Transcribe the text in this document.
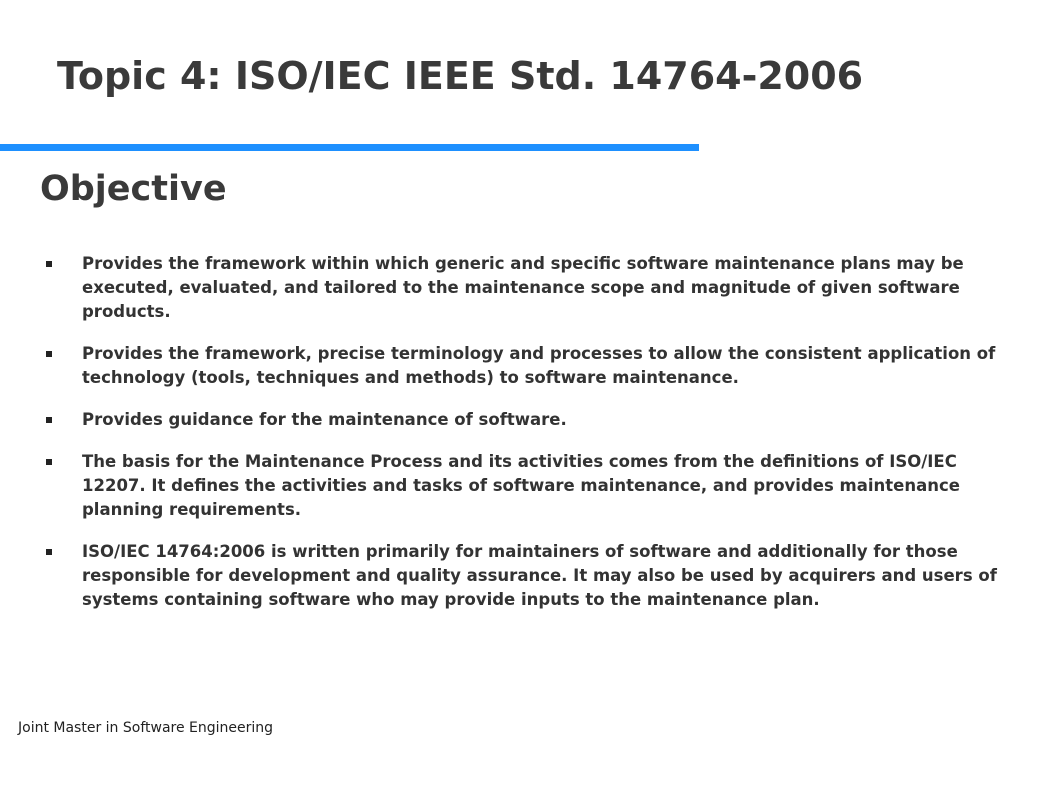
Topic 4: ISO/IEC IEEE Std. 14764-2006
Objective
Provides the framework within which generic and specific software maintenance plans may be executed, evaluated, and tailored to the maintenance scope and magnitude of given software products.
Provides the framework, precise terminology and processes to allow the consistent application of technology (tools, techniques and methods) to software maintenance.
Provides guidance for the maintenance of software.
The basis for the Maintenance Process and its activities comes from the definitions of ISO/IEC 12207. It defines the activities and tasks of software maintenance, and provides maintenance planning requirements.
ISO/IEC 14764:2006 is written primarily for maintainers of software and additionally for those responsible for development and quality assurance. It may also be used by acquirers and users of systems containing software who may provide inputs to the maintenance plan.
Joint Master in Software Engineering
